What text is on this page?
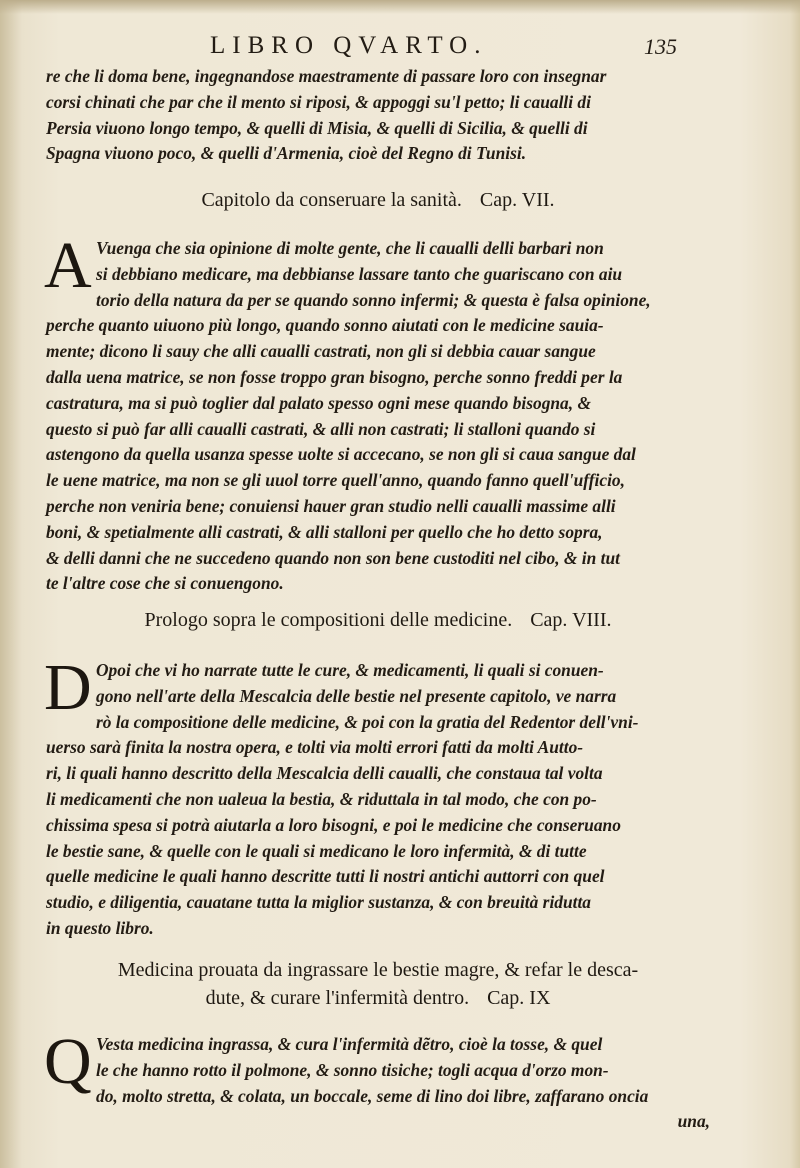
LIBRO QVARTO.	135
re che li doma bene, ingegnandose maestramente di passare loro con insegnar
corsi chinati che par che il mento si riposi, & appoggi su'l petto; li caualli di
Persia viuono longo tempo, & quelli di Misia, & quelli di Sicilia, & quelli di
Spagna viuono poco, & quelli d'Armenia, cioè del Regno di Tunisi.
Capitolo da conseruare la sanità. Cap. VII.
A Vuenga che sia opinione di molte gente, che li caualli delli barbari non
si debbiano medicare, ma debbianse lassare tanto che guariscano con aiu
torio della natura da per se quando sonno infermi; & questa è falsa opinione,
perche quanto uiuono più longo, quando sonno aiutati con le medicine sauia-
mente; dicono li sauy che alli caualli castrati, non gli si debbia cauar sangue
dalla uena matrice, se non fosse troppo gran bisogno, perche sonno freddi per la
castratura, ma si può toglier dal palato spesso ogni mese quando bisogna, &
questo si può far alli caualli castrati, & alli non castrati; li stalloni quando si
astengono da quella usanza spesse uolte si accecano, se non gli si caua sangue dal
le uene matrice, ma non se gli uuol torre quell'anno, quando fanno quell'ufficio,
perche non veniria bene; conuiensi hauer gran studio nelli caualli massime alli
boni, & spetialmente alli castrati, & alli stalloni per quello che ho detto sopra,
& delli danni che ne succedeno quando non son bene custoditi nel cibo, & in tut
te l'altre cose che si conuengono.
Prologo sopra le compositioni delle medicine. Cap. VIII.
D Opoi che vi ho narrate tutte le cure, & medicamenti, li quali si conuen-
gono nell'arte della Mescalcia delle bestie nel presente capitolo, ve narra
rò la compositione delle medicine, & poi con la gratia del Redentor dell'vni-
uerso sarà finita la nostra opera, e tolti via molti errori fatti da molti Autto-
ri, li quali hanno descritto della Mescalcia delli caualli, che constaua tal volta
li medicamenti che non ualeua la bestia, & riduttala in tal modo, che con po-
chissima spesa si potrà aiutarla a loro bisogni, e poi le medicine che conseruano
le bestie sane, & quelle con le quali si medicano le loro infermità, & di tutte
quelle medicine le quali hanno descritte tutti li nostri antichi auttorri con quel
studio, e diligentia, cauatane tutta la miglior sustanza, & con breuità ridutta
in questo libro.
Medicina prouata da ingrassare le bestie magre, & refar le desca-
dute, & curare l'infermità dentro. Cap. IX
Q Vesta medicina ingrassa, & cura l'infermità dẽtro, cioè la tosse, & quel
le che hanno rotto il polmone, & sonno tisiche; togli acqua d'orzo mon-
do, molto stretta, & colata, un boccale, seme di lino doi libre, zaffarano oncia
una,
